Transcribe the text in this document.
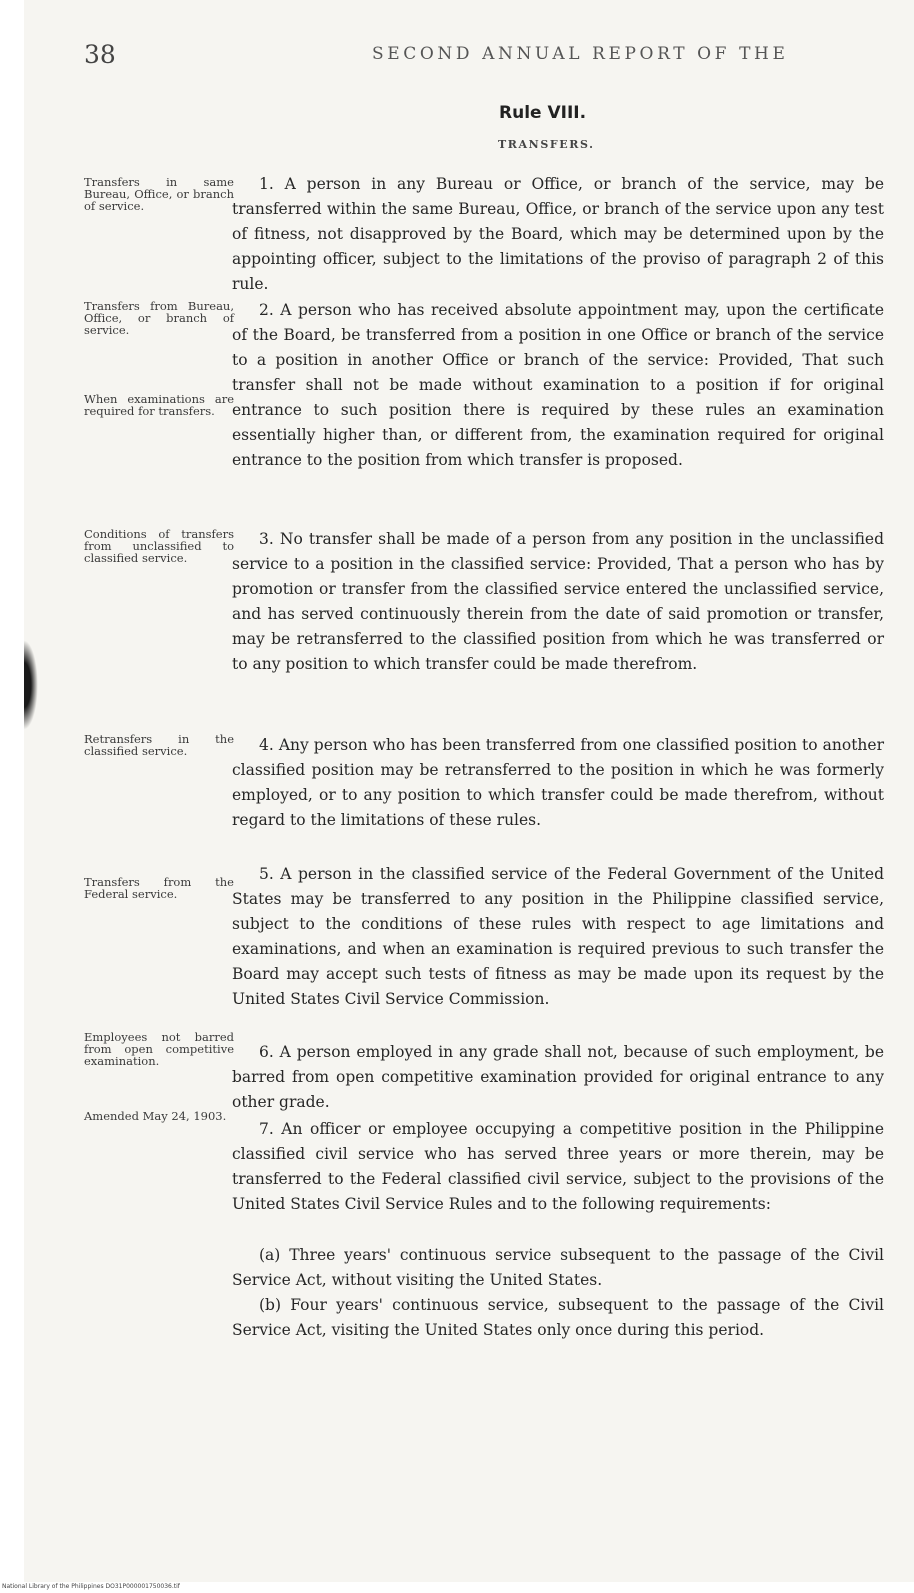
38	SECOND ANNUAL REPORT OF THE
Rule VIII.
TRANSFERS.
Transfers in same Bureau, Office, or branch of service.
Transfers from Bureau, Office, or branch of service.
When examinations are required for transfers.
Conditions of transfers from unclassified to classified service.
Retransfers in the classified service.
Transfers from the Federal service.
Employees not barred from open competitive examination.
Amended May 24, 1903.

1. A person in any Bureau or Office, or branch of the service, may be transferred within the same Bureau, Office, or branch of the service upon any test of fitness, not disapproved by the Board, which may be determined upon by the appointing officer, subject to the limitations of the proviso of paragraph 2 of this rule.

2. A person who has received absolute appointment may, upon the certificate of the Board, be transferred from a position in one Office or branch of the service to a position in another Office or branch of the service: Provided, That such transfer shall not be made without examination to a position if for original entrance to such position there is required by these rules an examination essentially higher than, or different from, the examination required for original entrance to the position from which transfer is proposed.

3. No transfer shall be made of a person from any position in the unclassified service to a position in the classified service: Provided, That a person who has by promotion or transfer from the classified service entered the unclassified service, and has served continuously therein from the date of said promotion or transfer, may be retransferred to the classified position from which he was transferred or to any position to which transfer could be made therefrom.

4. Any person who has been transferred from one classified position to another classified position may be retransferred to the position in which he was formerly employed, or to any position to which transfer could be made therefrom, without regard to the limitations of these rules.

5. A person in the classified service of the Federal Government of the United States may be transferred to any position in the Philippine classified service, subject to the conditions of these rules with respect to age limitations and examinations, and when an examination is required previous to such transfer the Board may accept such tests of fitness as may be made upon its request by the United States Civil Service Commission.

6. A person employed in any grade shall not, because of such employment, be barred from open competitive examination provided for original entrance to any other grade.

7. An officer or employee occupying a competitive position in the Philippine classified civil service who has served three years or more therein, may be transferred to the Federal classified civil service, subject to the provisions of the United States Civil Service Rules and to the following requirements:

(a) Three years' continuous service subsequent to the passage of the Civil Service Act, without visiting the United States.

(b) Four years' continuous service, subsequent to the passage of the Civil Service Act, visiting the United States only once during this period.

National Library of the Philippines DO31P000001750036.tif
